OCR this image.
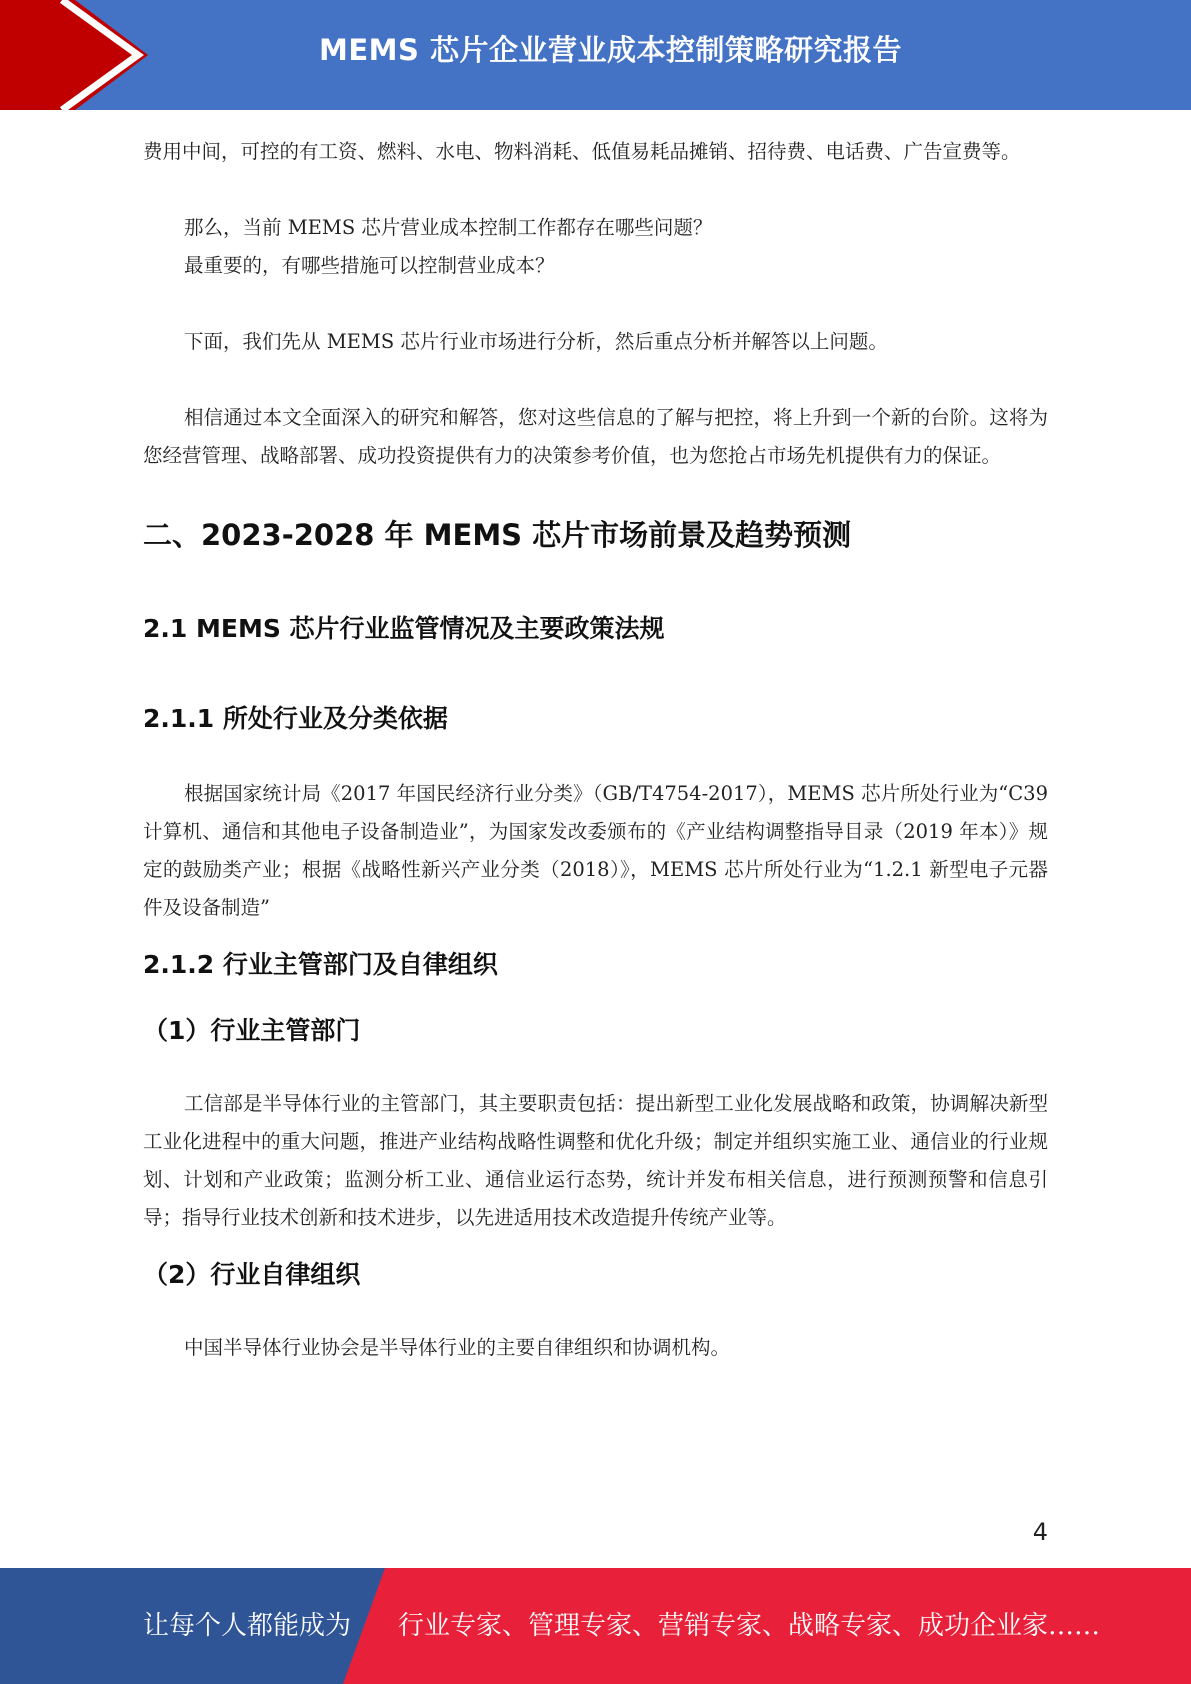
MEMS 芯片企业营业成本控制策略研究报告

费用中间，可控的有工资、燃料、水电、物料消耗、低值易耗品摊销、招待费、电话费、广告宣费等。

那么，当前 MEMS 芯片营业成本控制工作都存在哪些问题？

最重要的，有哪些措施可以控制营业成本？

下面，我们先从 MEMS 芯片行业市场进行分析，然后重点分析并解答以上问题。

相信通过本文全面深入的研究和解答，您对这些信息的了解与把控，将上升到一个新的台阶。这将为您经营管理、战略部署、成功投资提供有力的决策参考价值，也为您抢占市场先机提供有力的保证。

二、2023-2028 年 MEMS 芯片市场前景及趋势预测
2.1 MEMS 芯片行业监管情况及主要政策法规
2.1.1 所处行业及分类依据

根据国家统计局《2017 年国民经济行业分类》（GB/T4754-2017），MEMS 芯片所处行业为“C39 计算机、通信和其他电子设备制造业”，为国家发改委颁布的《产业结构调整指导目录（2019 年本）》规定的鼓励类产业；根据《战略性新兴产业分类（2018）》，MEMS 芯片所处行业为“1.2.1 新型电子元器件及设备制造”

2.1.2 行业主管部门及自律组织
（1）行业主管部门

工信部是半导体行业的主管部门，其主要职责包括：提出新型工业化发展战略和政策，协调解决新型工业化进程中的重大问题，推进产业结构战略性调整和优化升级；制定并组织实施工业、通信业的行业规划、计划和产业政策；监测分析工业、通信业运行态势，统计并发布相关信息，进行预测预警和信息引导；指导行业技术创新和技术进步，以先进适用技术改造提升传统产业等。

（2）行业自律组织

中国半导体行业协会是半导体行业的主要自律组织和协调机构。

4
让每个人都能成为 行业专家、管理专家、营销专家、战略专家、成功企业家……
